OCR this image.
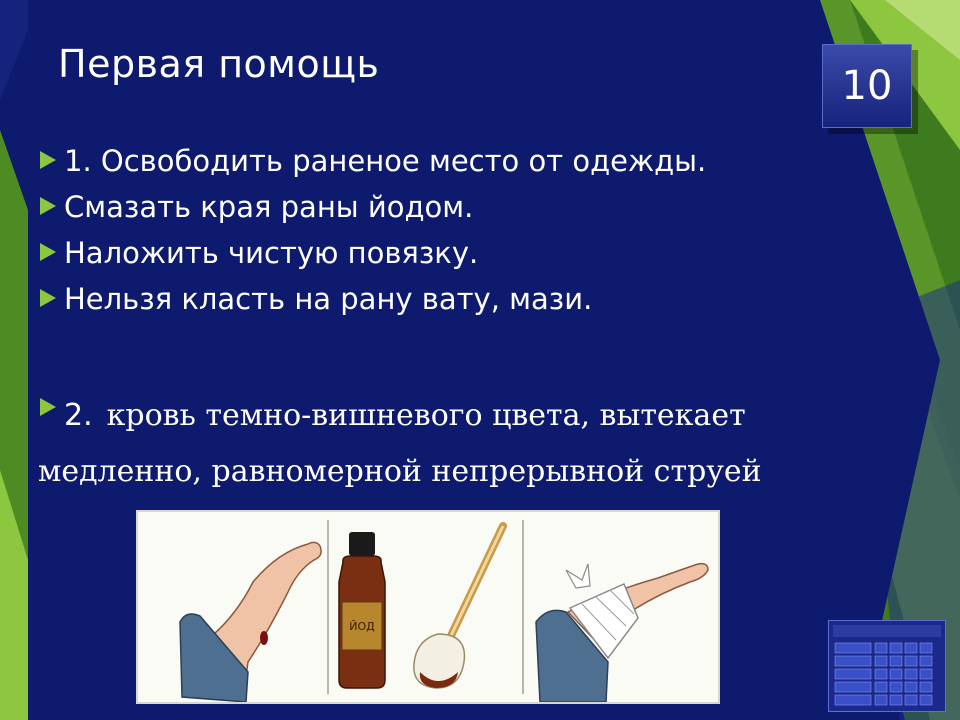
Первая помощь	10
1. Освободить раненое место от одежды.
Смазать края раны йодом.
Наложить чистую повязку.
Нельзя класть на рану вату, мази.
2. кровь темно-вишневого цвета, вытекает
медленно, равномерной непрерывной струей
ЙОД
